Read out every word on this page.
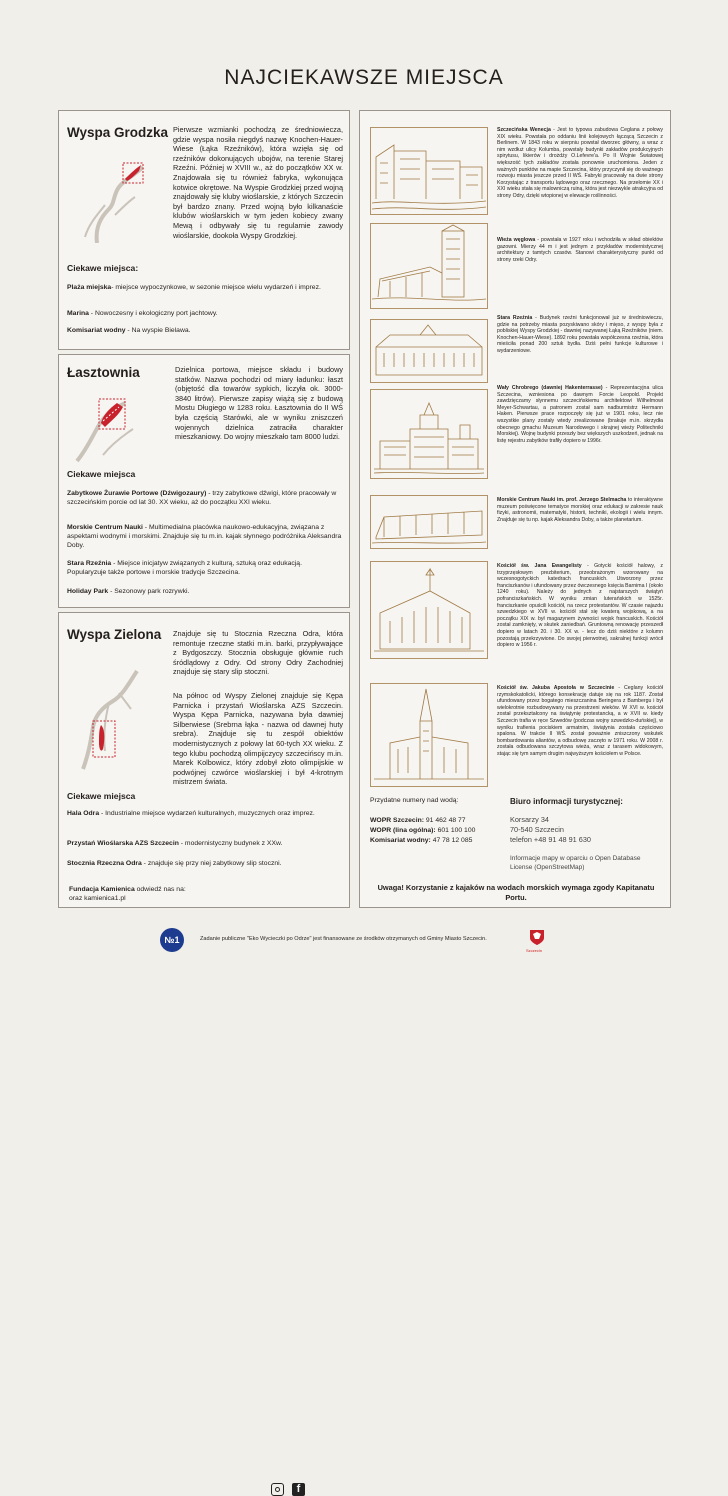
NAJCIEKAWSZE MIEJSCA
Wyspa Grodzka Pierwsze wzmianki pochodzą ze średniowiecza, gdzie wyspa nosiła niegdyś nazwę Knochen-Hauer-Wiese (Łąka Rzeźników), która wzięła się od rzeźników dokonujących ubojów, na terenie Starej Rzeźni. Później w XVIII w., aż do początków XX w. Znajdowała się tu również fabryka, wykonująca kotwice okrętowe. Na Wyspie Grodzkiej przed wojną znajdowały się kluby wioślarskie, z których Szczecin był bardzo znany. Przed wojną było kilkanaście klubów wioślarskich w tym jeden kobiecy zwany Mewą i odbywały się tu regularnie zawody wioślarskie, dookoła Wyspy Grodzkiej.
Ciekawe miejsca:
Plaża miejska- miejsce wypoczynkowe, w sezonie miejsce wielu wydarzeń i imprez.
Marina - Nowoczesny i ekologiczny port jachtowy.
Komisariat wodny - Na wyspie Bielawa.
Łasztownia	Dzielnica portowa, miejsce składu i budowy statków. Nazwa pochodzi od miary ładunku: łaszt (objętość dla towarów sypkich, liczyła ok. 3000-3840 litrów). Pierwsze zapisy wiążą się z budową Mostu Długiego w 1283 roku. Łasztownia do II WŚ była częścią Starówki, ale w wyniku zniszczeń wojennych dzielnica zatraciła charakter mieszkaniowy. Do wojny mieszkało tam 8000 ludzi.
Ciekawe miejsca
Zabytkowe Żurawie Portowe (Dźwigozaury) - trzy zabytkowe dźwigi, które pracowały w szczecińskim porcie od lat 30. XX wieku, aż do początku XXI wieku.
Morskie Centrum Nauki - Multimedialna placówka naukowo-edukacyjna, związana z aspektami wodnymi i morskimi. Znajduje się tu m.in. kajak słynnego podróżnika Aleksandra Doby.
Stara Rzeźnia - Miejsce inicjatyw związanych z kulturą, sztuką oraz edukacją. Popularyzuje także portowe i morskie tradycje Szczecina.
Holiday Park - Sezonowy park rozrywki.
Wyspa Zielona Znajduje się tu Stocznia Rzeczna Odra, która remontuje rzeczne statki m.in. barki, przypływające z Bydgoszczy. Stocznia obsługuje głównie ruch śródlądowy z Odry. Od strony Odry Zachodniej znajduje się stary slip stoczni.
Na północ od Wyspy Zielonej znajduje się Kępa Parnicka i przystań Wioślarska AZS Szczecin. Wyspa Kępa Parnicka, nazywana była dawniej Silberwiese (Srebrna łąka - nazwa od dawnej huty srebra). Znajduje się tu zespół obiektów modernistycznych z połowy lat 60-tych XX wieku. Z tego klubu pochodzą olimpijczycy szczecińscy m.in. Marek Kolbowicz, który zdobył złoto olimpijskie w podwójnej czwórce wioślarskiej i był 4-krotnym mistrzem świata.
Ciekawe miejsca
Hala Odra - Industrialne miejsce wydarzeń kulturalnych, muzycznych oraz imprez.
Przystań Wioślarska AZS Szczecin - modernistyczny budynek z XXw.
Stocznia Rzeczna Odra - znajduje się przy niej zabytkowy slip stoczni.
Fundacja Kamienica odwiedź nas na:
oraz kamienica1.pl
f
Szczecińska Wenecja - Jest to typowa zabudowa Ceglana z połowy XIX wieku. Powstała po oddaniu linii kolejowych łączącą Szczecin z Berlinem. W 1843 roku w sierpniu powstał dworzec główny, a wraz z nim wzdłuż ulicy Kolumba, powstały budynki zakładów produkcyjnych spirytusu, likierów i drożdży O.Lefevre'a. Po II Wojnie Światowej większość tych zakładów została ponownie uruchomiona. Jeden z ważnych punktów na mapie Szczecina, który przyczynił się do ważnego rozwoju miasta jeszcze przed II WŚ. Fabryki pracowały na dwie strony Korzystając z transportu lądowego oraz rzecznego. Na przełomie XX i XXI wieku stała się malowniczą ruiną, która jest niezwykle atrakcyjna od strony Odry, dzięki wtopionej w elewacje roślinności.
Wieża węglowa - powstała w 1927 roku i wchodziła w skład obiektów gazowni. Mierzy 44 m i jest jednym z przykładów modernistycznej architektury z tamtych czasów. Stanowi charakterystyczny punkt od strony rzeki Odry.
Stara Rzeźnia - Budynek rzeźni funkcjonował już w średniowieczu, gdzie na potrzeby miasta pozyskiwano skóry i mięso, z wyspy była z pobliskiej Wyspy Grodzkiej - dawniej nazywanej Łąką Rzeźników (niem. Knochen-Hauer-Wiese). 1892 roku powstała współczesna rzeźnia, która mieściła ponad 200 sztuk bydła. Dziś pełni funkcje kulturowe i wydarzeniowe.
Wały Chrobrego (dawniej Hakenterrasse) - Reprezentacyjna ulica Szczecina, wzniesiona po dawnym Forcie Leopold. Projekt zawdzięczamy słynnemu szczecińskiemu architektowi Wilhelmowi Meyer-Schwartau, a patronem został sam nadburmistrz Hermann Haken. Pierwsze prace rozpoczęły się już w 1901 roku, lecz nie wszystkie plany zostały wtedy zrealizowane (brakuje m.in. skrzydła obecnego gmachu Muzeum Narodowego i skrajnej wieży Politechniki Morskiej). Wojnę budynki przeszły bez większych uszkodzeń, jednak na listę rejestru zabytków trafiły dopiero w 1996r.
Morskie Centrum Nauki im. prof. Jerzego Stelmacha to interaktywne muzeum poświęcone tematyce morskiej oraz edukacji w zakresie nauk fizyki, astronomii, matematyki, historii, techniki, ekologii i wielu innym. Znajduje się tu np. kajak Aleksandra Doby, a także planetarium.
Kościół św. Jana Ewangelisty - Gotycki kościół halowy, z trzyprzęsłowym prezbiterium, przeobrażonym wzorowany na wczesnogotyckich katedrach francuskich. Utworzony przez franciszkanów i ufundowany przez ówczesnego księcia Barnima I (około 1240 roku). Należy do jednych z najstarszych świątyń pofranciszkańskich. W wyniku zmian luterańskich w 1525r. franciszkanie opuścili kościół, na rzecz protestantów. W czasie najazdu szwedzkiego w XVII w. kościół stał się kwaterą wojskową, a na początku XIX w. był magazynem żywności wojsk francuskich. Kościół został zamknięty, w skutek zaniedbań. Gruntowną renowację przeszedł dopiero w latach 20. i 30. XX w. - lecz do dziś niektóre z kolumn pozostają przekrzywione. Do swojej pierwotnej, sakralnej funkcji wrócił dopiero w 1956 r.
Kościół św. Jakuba Apostoła w Szczecinie - Ceglany kościół rzymskokatolicki, którego konsekrację datuje się na rok 1187. Został ufundowany przez bogatego mieszczanina Beringera z Bambergu i był wielokrotnie rozbudowywany na przestrzeni wieków. W XVI w. kościół został przekształcony na świątynię protestancką, a w XVII w. kiedy Szczecin trafia w ręce Szwedów (podczas wojny szwedzko-duńskiej), w wyniku trafienia pociskiem armatnim, świątynia została częściowo spalona. W trakcie II WŚ. został poważnie zniszczony wskutek bombardowania aliantów, a odbudowę zaczęto w 1971 roku. W 2008 r. została odbudowana szczytowa wieża, wraz z tarasem widokowym, stając się tym samym drugim najwyższym kościołem w Polsce.
Przydatne numery nad wodą:
WOPR Szczecin: 91 462 48 77
WOPR (lina ogólna): 601 100 100
Komisariat wodny: 47 78 12 085
Biuro informacji turystycznej:
Korsarzy 34
70-540 Szczecin
telefon +48 91 48 91 630
Informacje mapy w oparciu o Open Database License (OpenStreetMap)
Uwaga! Korzystanie z kajaków na wodach morskich wymaga zgody Kapitanatu Portu.
№1	Zadanie publiczne "Eko Wycieczki po Odrze" jest finansowane ze środków otrzymanych od Gminy Miasto Szczecin.
Szczecin
